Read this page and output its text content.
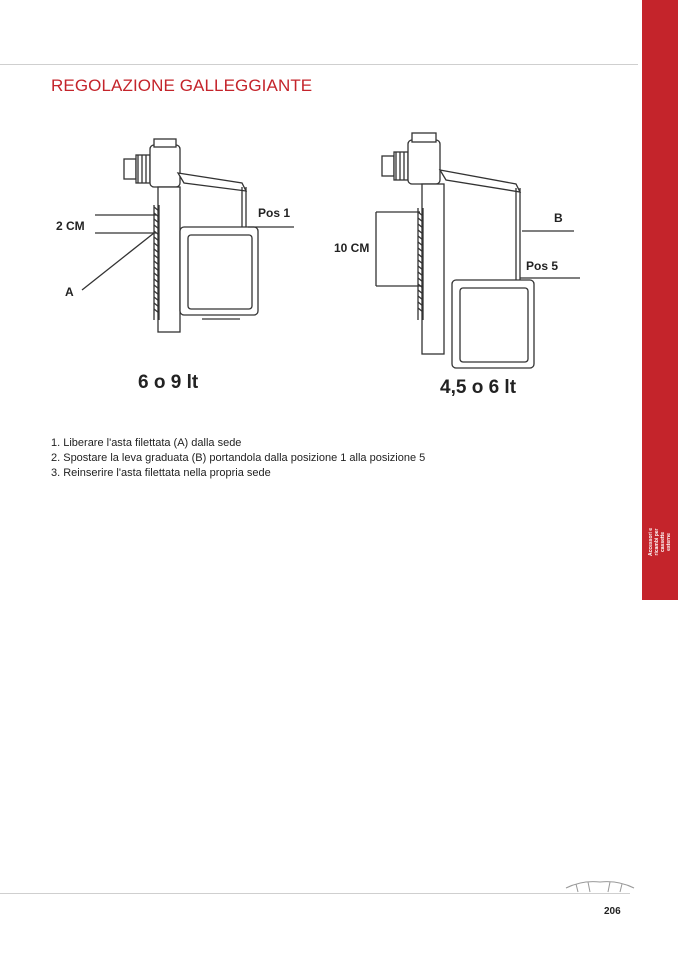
Accessori e ricambi per cassette esterne
REGOLAZIONE GALLEGGIANTE
2 CM
Pos 1
A
6 o 9 lt
10 CM
B
Pos 5
4,5 o 6 lt
1. Liberare l'asta filettata (A) dalla sede
2. Spostare la leva graduata (B) portandola dalla posizione 1 alla posizione 5
3. Reinserire l'asta filettata nella propria sede
206
